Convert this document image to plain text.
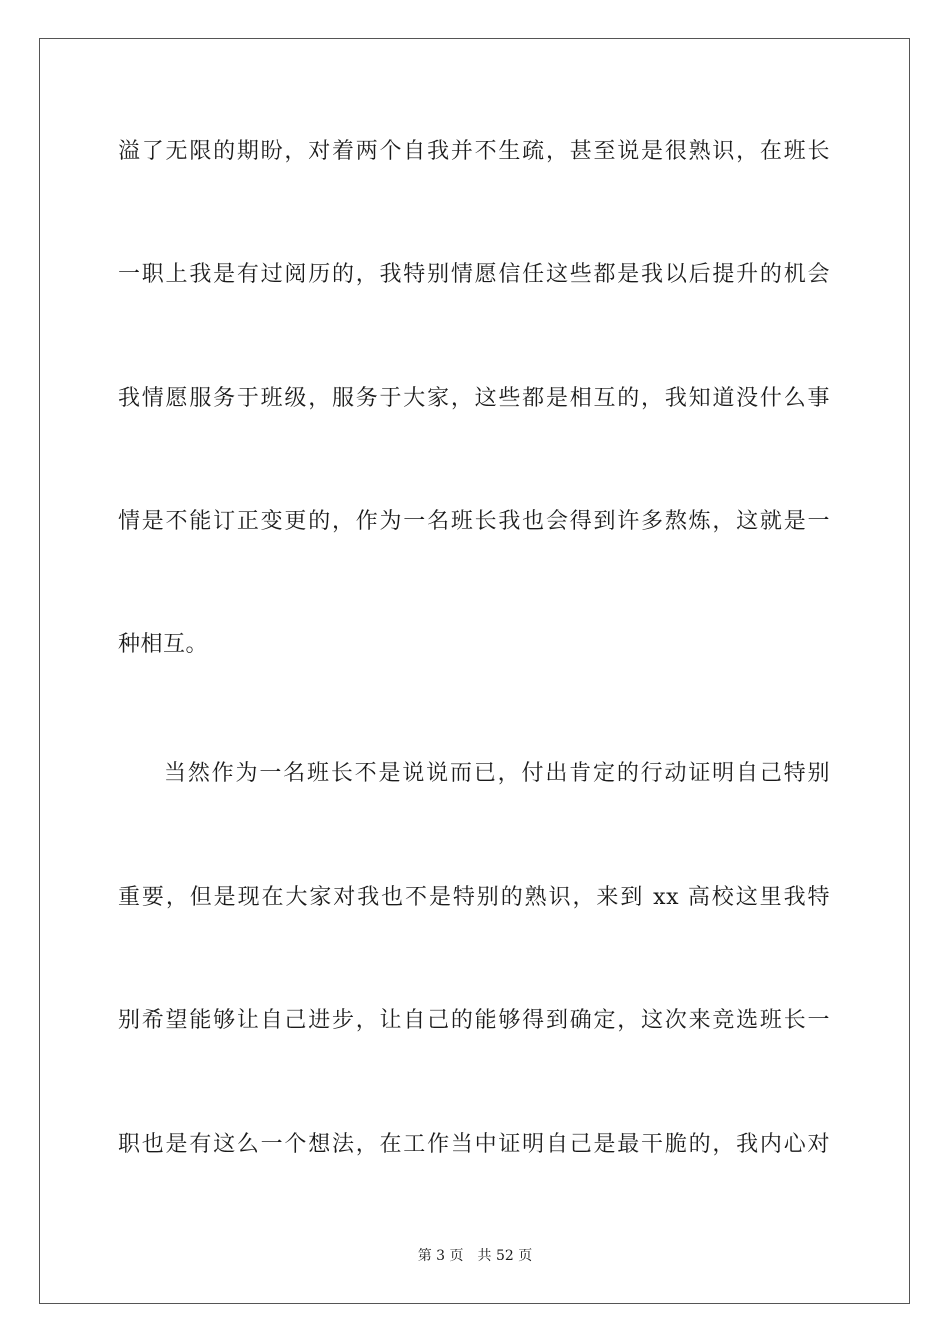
溢了无限的期盼，对着两个自我并不生疏，甚至说是很熟识，在班长
一职上我是有过阅历的，我特别情愿信任这些都是我以后提升的机会
我情愿服务于班级，服务于大家，这些都是相互的，我知道没什么事
情是不能订正变更的，作为一名班长我也会得到许多熬炼，这就是一
种相互。
当然作为一名班长不是说说而已，付出肯定的行动证明自己特别
重要，但是现在大家对我也不是特别的熟识，来到 xx 高校这里我特
别希望能够让自己进步，让自己的能够得到确定，这次来竞选班长一
职也是有这么一个想法，在工作当中证明自己是最干脆的，我内心对
第 3 页 共 52 页
